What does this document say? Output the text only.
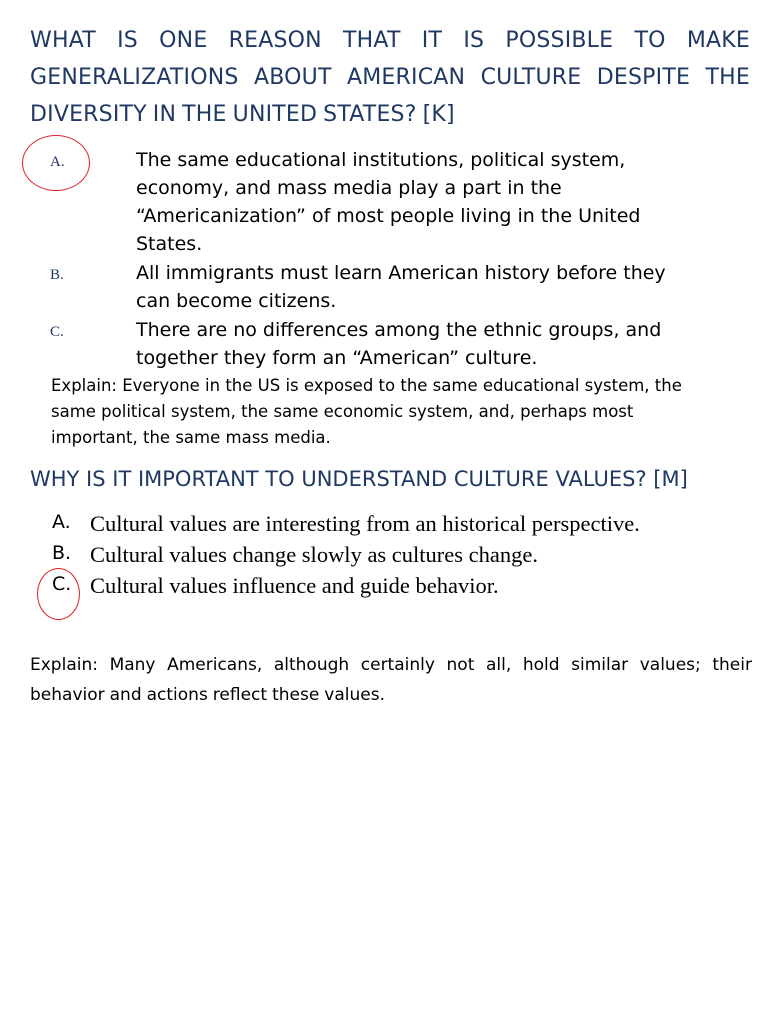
WHAT IS ONE REASON THAT IT IS POSSIBLE TO MAKE
GENERALIZATIONS ABOUT AMERICAN CULTURE DESPITE THE
DIVERSITY IN THE UNITED STATES? [K]
A.	The same educational institutions, political system, economy, and mass media play a part in the “Americanization” of most people living in the United States.
B.	All immigrants must learn American history before they can become citizens.
C.	There are no differences among the ethnic groups, and together they form an “American” culture.
Explain: Everyone in the US is exposed to the same educational system, the same political system, the same economic system, and, perhaps most important, the same mass media.
WHY IS IT IMPORTANT TO UNDERSTAND CULTURE VALUES? [M]
A. Cultural values are interesting from an historical perspective.
B. Cultural values change slowly as cultures change.
C. Cultural values influence and guide behavior.
Explain: Many Americans, although certainly not all, hold similar values; their
behavior and actions reflect these values.
